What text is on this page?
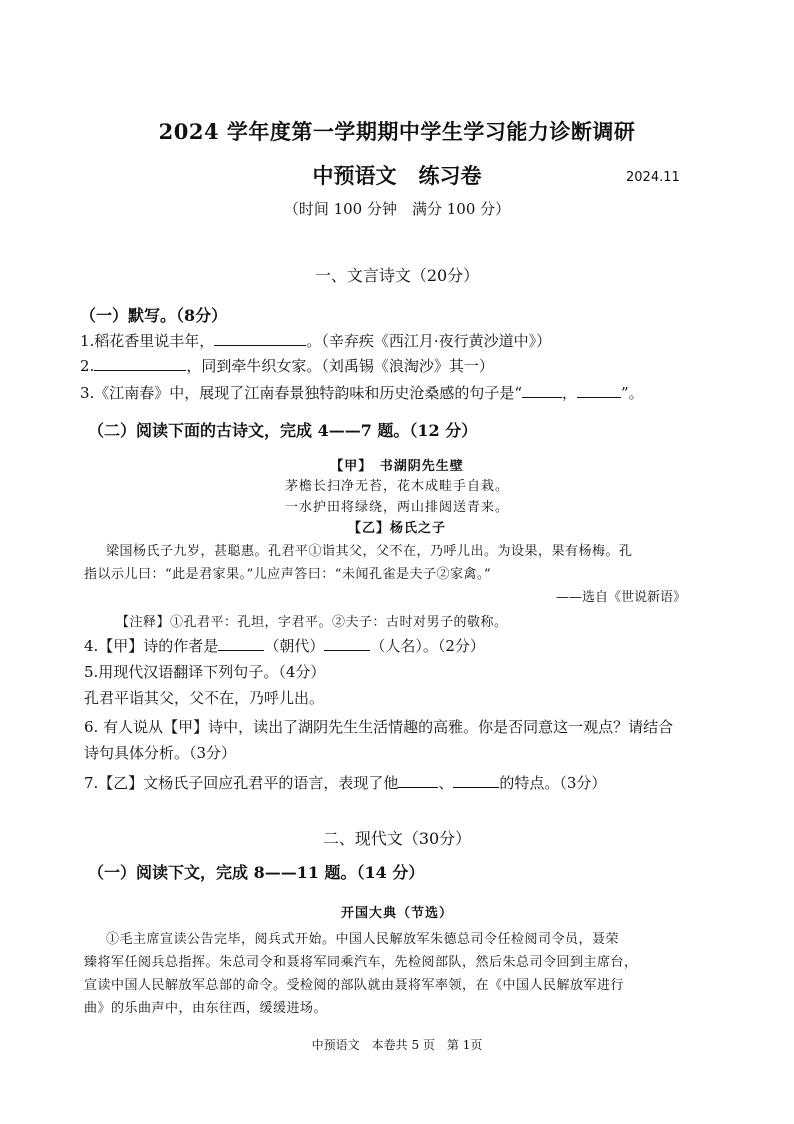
2024 学年度第一学期期中学生学习能力诊断调研
中预语文 练习卷	2024.11
（时间 100 分钟　满分 100 分）
一、文言诗文（20分）
（一）默写。（8分）
1.稻花香里说丰年，	。（辛弃疾《西江月·夜行黄沙道中》）
2.	，同到牵牛织女家。（刘禹锡《浪淘沙》其一）
3.《江南春》中，展现了江南春景独特韵味和历史沧桑感的句子是“	，	”。
（二）阅读下面的古诗文，完成 4——7 题。（12 分）
【甲】　书湖阴先生壁
茅檐长扫净无苔，花木成畦手自栽。
一水护田将绿绕，两山排闼送青来。
【乙】杨氏之子
梁国杨氏子九岁，甚聪惠。孔君平①诣其父，父不在，乃呼儿出。为设果，果有杨梅。孔
指以示儿曰：“此是君家果。”儿应声答曰：“未闻孔雀是夫子②家禽。”
——选自《世说新语》
【注释】①孔君平：孔坦，字君平。②夫子：古时对男子的敬称。
4.【甲】诗的作者是	（朝代）	（人名）。（2分）
5.用现代汉语翻译下列句子。（4分）
孔君平诣其父，父不在，乃呼儿出。
6. 有人说从【甲】诗中，读出了湖阴先生生活情趣的高雅。你是否同意这一观点？请结合
诗句具体分析。（3分）
7.【乙】文杨氏子回应孔君平的语言，表现了他	、	的特点。（3分）
二、现代文（30分）
（一）阅读下文，完成 8——11 题。（14 分）
开国大典（节选）
①毛主席宣读公告完毕，阅兵式开始。中国人民解放军朱德总司令任检阅司令员，聂荣
臻将军任阅兵总指挥。朱总司令和聂将军同乘汽车，先检阅部队，然后朱总司令回到主席台，
宣读中国人民解放军总部的命令。受检阅的部队就由聂将军率领，在《中国人民解放军进行
曲》的乐曲声中，由东往西，缓缓进场。
中预语文　本卷共 5 页　第 1页
